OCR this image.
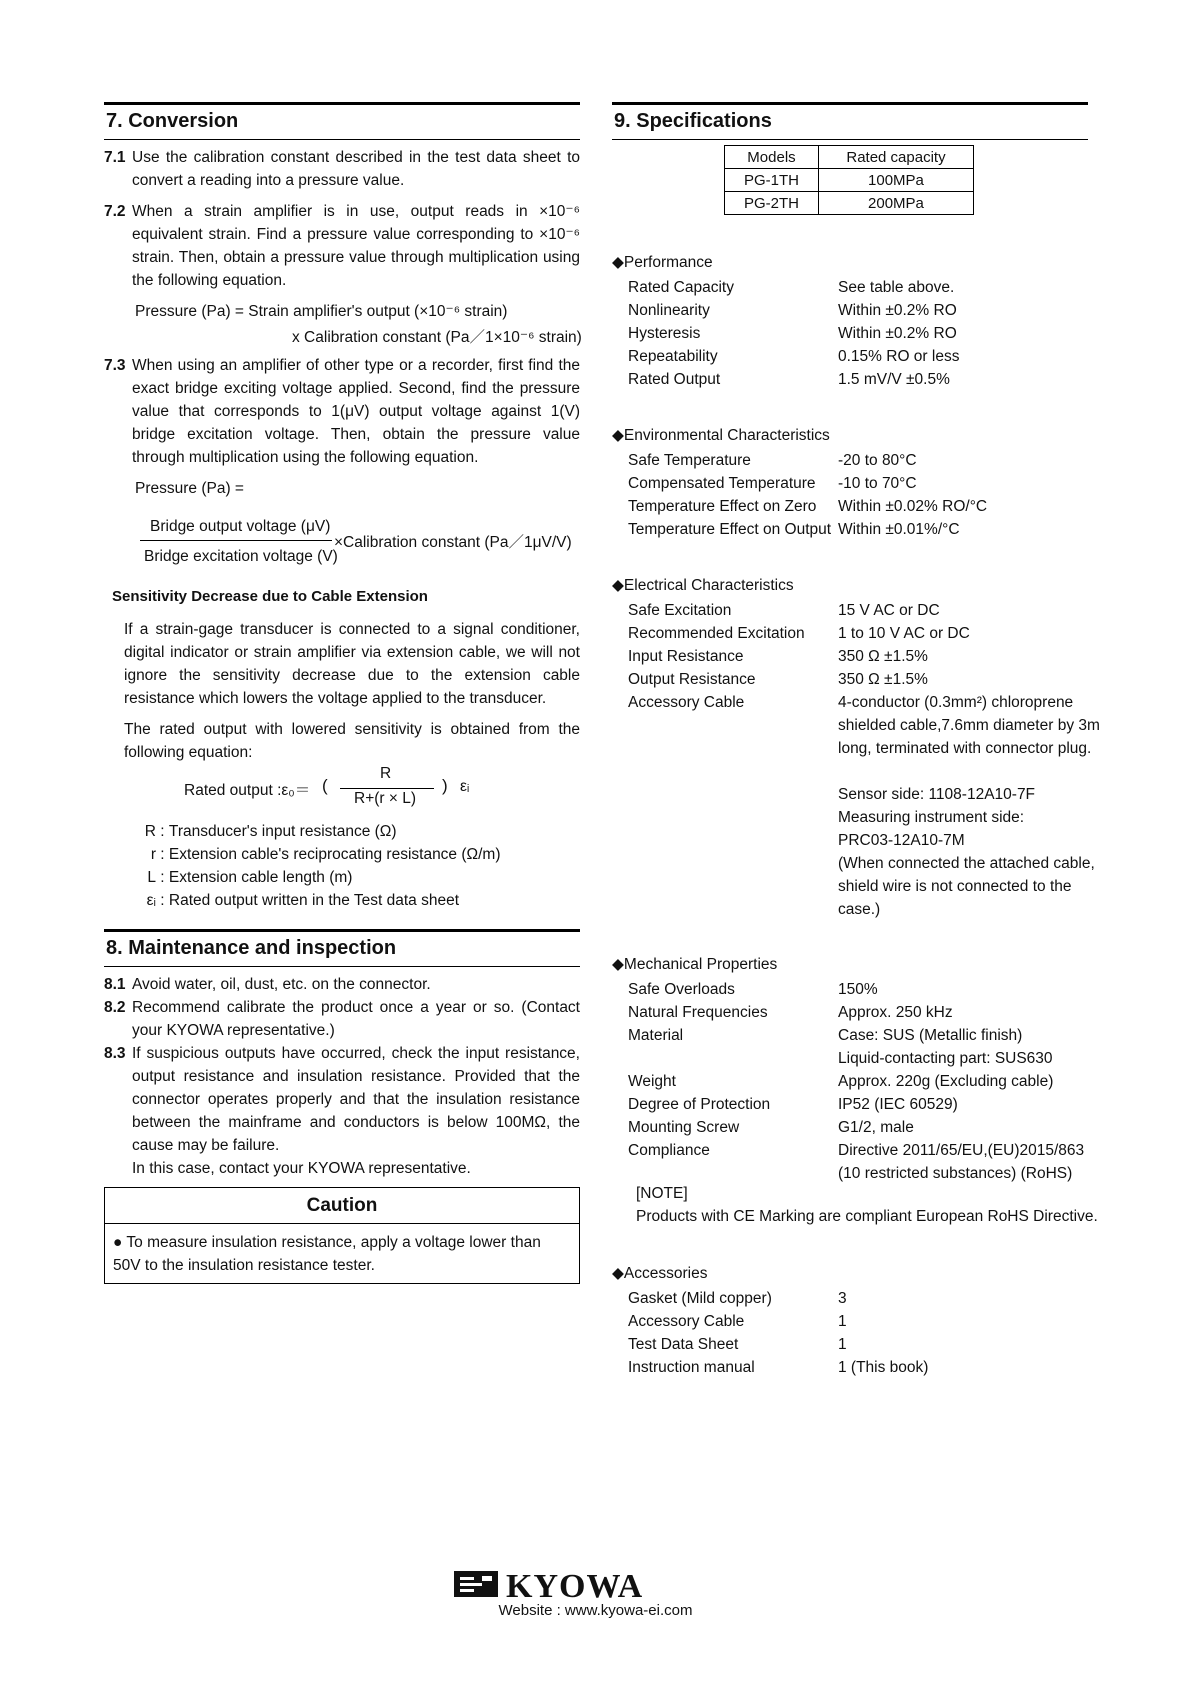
7. Conversion
7.1 Use the calibration constant described in the test data sheet to convert a reading into a pressure value.
7.2 When a strain amplifier is in use, output reads in ×10⁻⁶ equivalent strain. Find a pressure value corresponding to ×10⁻⁶ strain. Then, obtain a pressure value through multiplication using the following equation.
Pressure (Pa) = Strain amplifier's output (×10⁻⁶ strain)
x Calibration constant (Pa／1×10⁻⁶ strain)
7.3 When using an amplifier of other type or a recorder, first find the exact bridge exciting voltage applied. Second, find the pressure value that corresponds to 1(μV) output voltage against 1(V) bridge excitation voltage. Then, obtain the pressure value through multiplication using the following equation.
Pressure (Pa) =
Bridge output voltage (μV)
Bridge excitation voltage (V)
×Calibration constant (Pa／1μV/V)
Sensitivity Decrease due to Cable Extension
If a strain-gage transducer is connected to a signal conditioner, digital indicator or strain amplifier via extension cable, we will not ignore the sensitivity decrease due to the extension cable resistance which lowers the voltage applied to the transducer.
The rated output with lowered sensitivity is obtained from the following equation:
Rated output :ε₀＝ (
R
R+(r × L)
) εᵢ
R : Transducer's input resistance (Ω)
r : Extension cable's reciprocating resistance (Ω/m)
L : Extension cable length (m)
εᵢ : Rated output written in the Test data sheet
8. Maintenance and inspection
8.1 Avoid water, oil, dust, etc. on the connector.
8.2 Recommend calibrate the product once a year or so. (Contact your KYOWA representative.)
8.3 If suspicious outputs have occurred, check the input resistance, output resistance and insulation resistance. Provided that the connector operates properly and that the insulation resistance between the mainframe and conductors is below 100MΩ, the cause may be failure.
In this case, contact your KYOWA representative.
Caution
● To measure insulation resistance, apply a voltage lower than 50V to the insulation resistance tester.
9. Specifications
Models	Rated capacity
PG-1TH	100MPa
PG-2TH	200MPa
◆Performance
Rated Capacity	See table above.
Nonlinearity	Within ±0.2% RO
Hysteresis	Within ±0.2% RO
Repeatability	0.15% RO or less
Rated Output	1.5 mV/V ±0.5%
◆Environmental Characteristics
Safe Temperature	-20 to 80°C
Compensated Temperature -10 to 70°C
Temperature Effect on Zero Within ±0.02% RO/°C
Temperature Effect on Output Within ±0.01%/°C
◆Electrical Characteristics
Safe Excitation	15 V AC or DC
Recommended Excitation 1 to 10 V AC or DC
Input Resistance	350 Ω ±1.5%
Output Resistance	350 Ω ±1.5%
Accessory Cable	4-conductor (0.3mm²) chloroprene shielded cable,7.6mm diameter by 3m long, terminated with connector plug.
Sensor side: 1108-12A10-7F
Measuring instrument side:
PRC03-12A10-7M
(When connected the attached cable, shield wire is not connected to the case.)
◆Mechanical Properties
Safe Overloads	150%
Natural Frequencies	Approx. 250 kHz
Material	Case: SUS (Metallic finish)
Liquid-contacting part: SUS630
Weight	Approx. 220g (Excluding cable)
Degree of Protection	IP52 (IEC 60529)
Mounting Screw	G1/2, male
Compliance	Directive 2011/65/EU,(EU)2015/863
(10 restricted substances) (RoHS)
[NOTE]
Products with CE Marking are compliant European RoHS Directive.
◆Accessories
Gasket (Mild copper)	3
Accessory Cable	1
Test Data Sheet	1
Instruction manual	1 (This book)
KYOWA
Website : www.kyowa-ei.com
